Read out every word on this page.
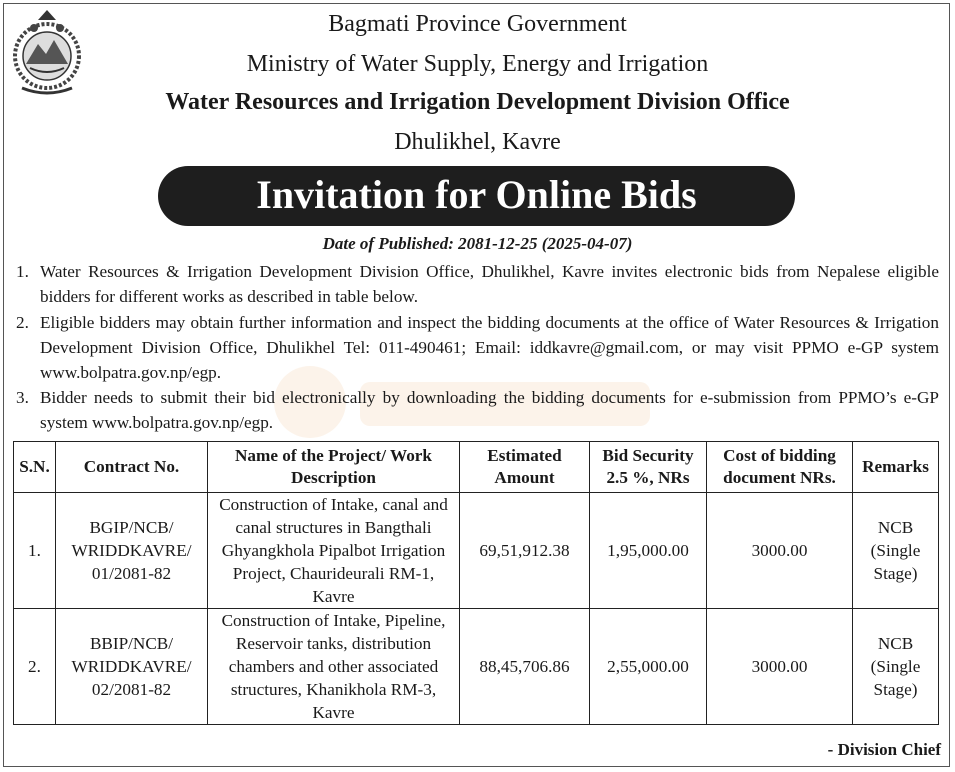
Bagmati Province Government
Ministry of Water Supply, Energy and Irrigation
Water Resources and Irrigation Development Division Office
Dhulikhel, Kavre
Invitation for Online Bids
Date of Published: 2081-12-25 (2025-04-07)
1. Water Resources & Irrigation Development Division Office, Dhulikhel, Kavre invites electronic bids from Nepalese eligible bidders for different works as described in table below.
2. Eligible bidders may obtain further information and inspect the bidding documents at the office of Water Resources & Irrigation Development Division Office, Dhulikhel Tel: 011-490461; Email: iddkavre@gmail.com, or may visit PPMO e-GP system www.bolpatra.gov.np/egp.
3. Bidder needs to submit their bid electronically by downloading the bidding documents for e-submission from PPMO’s e-GP system www.bolpatra.gov.np/egp.
S.N.	Contract No.	Name of the Project/ Work Description	Estimated Amount	Bid Security 2.5 %, NRs	Cost of bidding document NRs.	Remarks
1.	BGIP/NCB/ WRIDDKAVRE/ 01/2081-82	Construction of Intake, canal and canal structures in Bangthali Ghyangkhola Pipalbot Irrigation Project, Chaurideurali RM-1, Kavre	69,51,912.38	1,95,000.00	3000.00	NCB (Single Stage)
2.	BBIP/NCB/ WRIDDKAVRE/ 02/2081-82	Construction of Intake, Pipeline, Reservoir tanks, distribution chambers and other associated structures, Khanikhola RM-3, Kavre	88,45,706.86	2,55,000.00	3000.00	NCB (Single Stage)
- Division Chief
